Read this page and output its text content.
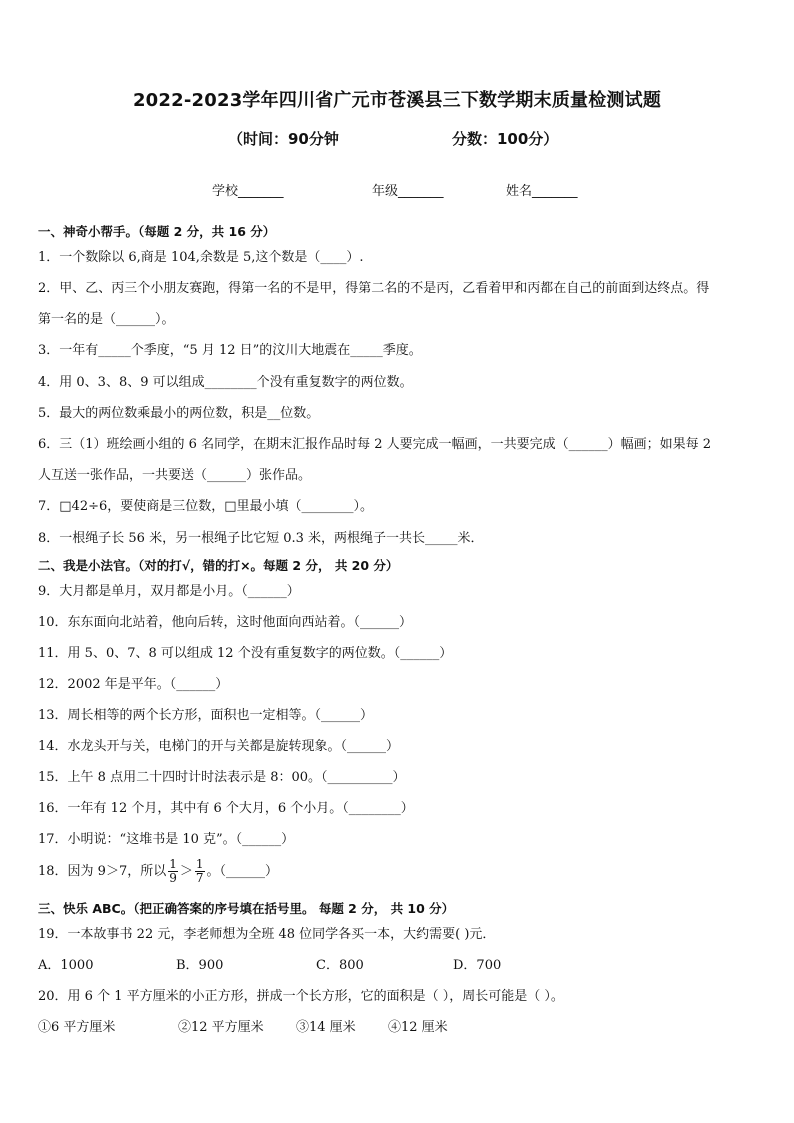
2022-2023学年四川省广元市苍溪县三下数学期末质量检测试题
（时间：90分钟	分数：100分）
学校_______	年级_______	姓名_______
一、神奇小帮手。（每题 2 分，共 16 分）
1．一个数除以 6,商是 104,余数是 5,这个数是（____）.
2．甲、乙、丙三个小朋友赛跑，得第一名的不是甲，得第二名的不是丙，乙看着甲和丙都在自己的前面到达终点。得
第一名的是（______）。
3．一年有_____个季度，“5 月 12 日”的汶川大地震在_____季度。
4．用 0、3、8、9 可以组成________个没有重复数字的两位数。
5．最大的两位数乘最小的两位数，积是__位数。
6．三（1）班绘画小组的 6 名同学，在期末汇报作品时每 2 人要完成一幅画，一共要完成（______）幅画；如果每 2
人互送一张作品，一共要送（______）张作品。
7．□42÷6，要使商是三位数，□里最小填（________）。
8．一根绳子长 56 米，另一根绳子比它短 0.3 米，两根绳子一共长_____米．
二、我是小法官。（对的打√，错的打×。每题 2 分， 共 20 分）
9．大月都是单月，双月都是小月。（______）
10．东东面向北站着，他向后转，这时他面向西站着。（______）
11．用 5、0、7、8 可以组成 12 个没有重复数字的两位数。（______）
12．2002 年是平年。（______）
13．周长相等的两个长方形，面积也一定相等。（______）
14．水龙头开与关，电梯门的开与关都是旋转现象。（______）
15．上午 8 点用二十四时计时法表示是 8：00。（__________）
16．一年有 12 个月，其中有 6 个大月，6 个小月。（________）
17．小明说：“这堆书是 10 克”。（______）
18．因为 9＞7，所以 $\frac{1}{9} > \frac{1}{7}$ 。（______）
三、快乐 ABC。（把正确答案的序号填在括号里。 每题 2 分， 共 10 分）
19．一本故事书 22 元，李老师想为全班 48 位同学各买一本，大约需要( )元．
A．1000	B．900	C．800	D．700
20．用 6 个 1 平方厘米的小正方形，拼成一个长方形，它的面积是（ ），周长可能是（ ）。
①6 平方厘米	②12 平方厘米 ③14 厘米 ④12 厘米
